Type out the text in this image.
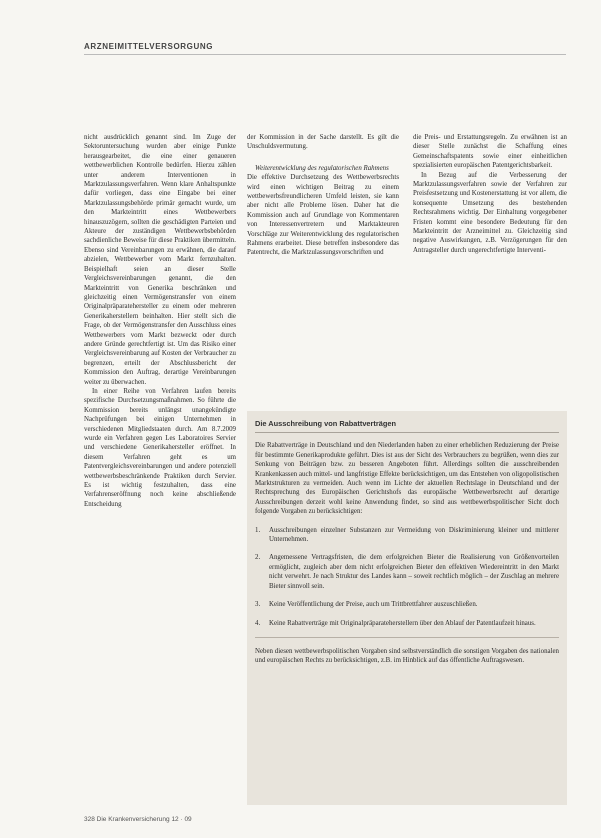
ARZNEIMITTELVERSORGUNG

nicht ausdrücklich genannt sind. Im Zuge der Sektoruntersuchung wurden aber einige Punkte herausgearbeitet, die eine einer genaueren wettbewerblichen Kontrolle bedürfen. Hierzu zählen unter anderem Interventionen in Marktzulassungsverfahren. Wenn klare Anhaltspunkte dafür vorliegen, dass eine Eingabe bei einer Marktzulassungsbehörde primär gemacht wurde, um den Markteintritt eines Wettbewerbers hinauszuzögern, sollten die geschädigten Parteien und Akteure der zuständigen Wettbewerbsbehörden sachdienliche Beweise für diese Praktiken übermitteln. Ebenso sind Vereinbarungen zu erwähnen, die darauf abzielen, Wettbewerber vom Markt fernzuhalten. Beispielhaft seien an dieser Stelle Vergleichsvereinbarungen genannt, die den Markteintritt von Generika beschränken und gleichzeitig einen Vermögenstransfer von einem Originalpräparatehersteller zu einem oder mehreren Generikaherstellern beinhalten. Hier stellt sich die Frage, ob der Vermögenstransfer den Ausschluss eines Wettbewerbers vom Markt bezweckt oder durch andere Gründe gerechtfertigt ist. Um das Risiko einer Vergleichsvereinbarung auf Kosten der Verbraucher zu begrenzen, erteilt der Abschlussbericht der Kommission den Auftrag, derartige Vereinbarungen weiter zu überwachen.

In einer Reihe von Verfahren laufen bereits spezifische Durchsetzungsmaßnahmen. So führte die Kommission bereits unlängst unangekündigte Nachprüfungen bei einigen Unternehmen in verschiedenen Mitgliedstaaten durch. Am 8.7.2009 wurde ein Verfahren gegen Les Laboratoires Servier und verschiedene Generikahersteller eröffnet. In diesem Verfahren geht es um Patentvergleichsvereinbarungen und andere potenziell wettbewerbsbeschränkende Praktiken durch Servier. Es ist wichtig festzuhalten, dass eine Verfahrenseröffnung noch keine abschließende Entscheidung

der Kommission in der Sache darstellt. Es gilt die Unschuldsvermutung.

Weiterentwicklung des regulatorischen Rahmens

Die effektive Durchsetzung des Wettbewerbsrechts wird einen wichtigen Beitrag zu einem wettbewerbsfreundlicheren Umfeld leisten, sie kann aber nicht alle Probleme lösen. Daher hat die Kommission auch auf Grundlage von Kommentaren von Interessenvertretern und Marktakteuren Vorschläge zur Weiterentwicklung des regulatorischen Rahmens erarbeitet. Diese betreffen insbesondere das Patentrecht, die Marktzulassungsvorschriften und

die Preis- und Erstattungsregeln. Zu erwähnen ist an dieser Stelle zunächst die Schaffung eines Gemeinschaftspatents sowie einer einheitlichen spezialisierten europäischen Patentgerichtsbarkeit.

In Bezug auf die Verbesserung der Marktzulassungsverfahren sowie der Verfahren zur Preisfestsetzung und Kostenerstattung ist vor allem, die konsequente Umsetzung des bestehenden Rechtsrahmens wichtig. Der Einhaltung vorgegebener Fristen kommt eine besondere Bedeutung für den Markteintritt der Arzneimittel zu. Gleichzeitig sind negative Auswirkungen, z.B. Verzögerungen für den Antragsteller durch ungerechtfertigte Interventi-

Die Ausschreibung von Rabattverträgen

Die Rabattverträge in Deutschland und den Niederlanden haben zu einer erheblichen Reduzierung der Preise für bestimmte Generikaprodukte geführt. Dies ist aus der Sicht des Verbrauchers zu begrüßen, wenn dies zur Senkung von Beiträgen bzw. zu besseren Angeboten führt. Allerdings sollten die ausschreibenden Krankenkassen auch mittel- und langfristige Effekte berücksichtigen, um das Entstehen von oligopolistischen Marktstrukturen zu vermeiden. Auch wenn im Lichte der aktuellen Rechtslage in Deutschland und der Rechtsprechung des Europäischen Gerichtshofs das europäische Wettbewerbsrecht auf derartige Ausschreibungen derzeit wohl keine Anwendung findet, so sind aus wettbewerbspolitischer Sicht doch folgende Vorgaben zu berücksichtigen:

1.	Ausschreibungen einzelner Substanzen zur Vermeidung von Diskriminierung kleiner und mittlerer Unternehmen.
2.	Angemessene Vertragsfristen, die dem erfolgreichen Bieter die Realisierung von Größenvorteilen ermöglicht, zugleich aber dem nicht erfolgreichen Bieter den effektiven Wiedereintritt in den Markt nicht verwehrt. Je nach Struktur des Landes kann – soweit rechtlich möglich – der Zuschlag an mehrere Bieter sinnvoll sein.
3.	Keine Veröffentlichung der Preise, auch um Trittbrettfahrer auszuschließen.
4.	Keine Rabattverträge mit Originalpräparateherstellern über den Ablauf der Patentlaufzeit hinaus.

Neben diesen wettbewerbspolitischen Vorgaben sind selbstverständlich die sonstigen Vorgaben des nationalen und europäischen Rechts zu berücksichtigen, z.B. im Hinblick auf das öffentliche Auftragswesen.

328 Die Krankenversicherung 12 · 09
